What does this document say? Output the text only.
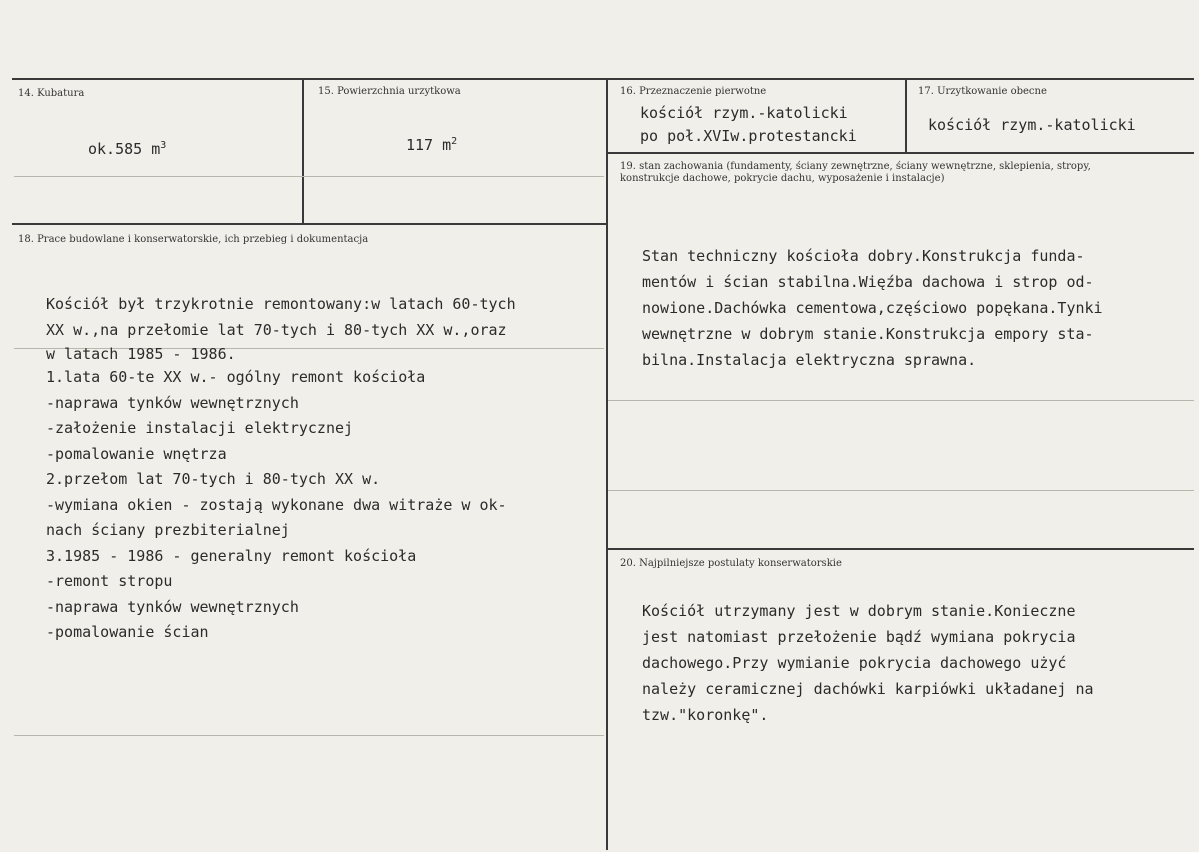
14. Kubatura
ok.585 $m^3$
15. Powierzchnia urzytkowa
117 $m^2$
16. Przeznaczenie pierwotne
kościół rzym.-katolicki
po poł.XVIw.protestancki
17. Urzytkowanie obecne
kościół rzym.-katolicki
18. Prace budowlane i konserwatorskie, ich przebieg i dokumentacja
Kościół był trzykrotnie remontowany:w latach 60-tych
XX w.,na przełomie lat 70-tych i 80-tych XX w.,oraz
w latach 1985 - 1986.
1.lata 60-te XX w.- ogólny remont kościoła
-naprawa tynków wewnętrznych
-założenie instalacji elektrycznej
-pomalowanie wnętrza
2.przełom lat 70-tych i 80-tych XX w.
-wymiana okien - zostają wykonane dwa witraże w ok-
nach ściany prezbiterialnej
3.1985 - 1986 - generalny remont kościoła
-remont stropu
-naprawa tynków wewnętrznych
-pomalowanie ścian
19. stan zachowania (fundamenty, ściany zewnętrzne, ściany wewnętrzne, sklepienia, stropy,
konstrukcje dachowe, pokrycie dachu, wyposażenie i instalacje)
Stan techniczny kościoła dobry.Konstrukcja funda-
mentów i ścian stabilna.Więźba dachowa i strop od-
nowione.Dachówka cementowa,częściowo popękana.Tynki
wewnętrzne w dobrym stanie.Konstrukcja empory sta-
bilna.Instalacja elektryczna sprawna.
20. Najpilniejsze postulaty konserwatorskie
Kościół utrzymany jest w dobrym stanie.Konieczne
jest natomiast przełożenie bądź wymiana pokrycia
dachowego.Przy wymianie pokrycia dachowego użyć
należy ceramicznej dachówki karpiówki układanej na
tzw."koronkę".
